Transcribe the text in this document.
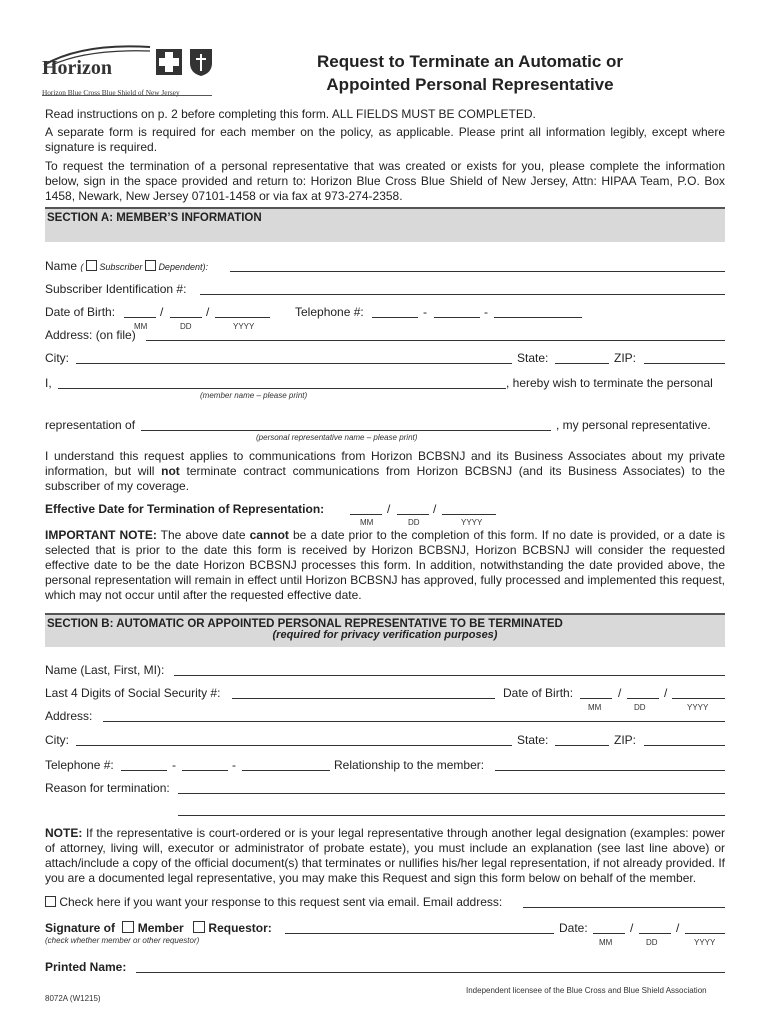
Horizon
Horizon Blue Cross Blue Shield of New Jersey
Request to Terminate an Automatic or
Appointed Personal Representative
Read instructions on p. 2 before completing this form. ALL FIELDS MUST BE COMPLETED.
A separate form is required for each member on the policy, as applicable. Please print all information legibly, except where signature is required.
To request the termination of a personal representative that was created or exists for you, please complete the information below, sign in the space provided and return to: Horizon Blue Cross Blue Shield of New Jersey, Attn: HIPAA Team, P.O. Box 1458, Newark, New Jersey 07101-1458 or via fax at 973-274-2358.
SECTION A: MEMBER’S INFORMATION
Name (  Subscriber Dependent):
Subscriber Identification #:
Date of Birth:	/	/
MM	DD	YYYY
Telephone #:	-	-
Address: (on file)
City:	State:	ZIP:
I,	, hereby wish to terminate the personal
(member name – please print)
representation of	, my personal representative.
(personal representative name – please print)
I understand this request applies to communications from Horizon BCBSNJ and its Business Associates about my private information, but will not terminate contract communications from Horizon BCBSNJ (and its Business Associates) to the subscriber of my coverage.
Effective Date for Termination of Representation:	/	/
MM	DD	YYYY
IMPORTANT NOTE: The above date cannot be a date prior to the completion of this form. If no date is provided, or a date is selected that is prior to the date this form is received by Horizon BCBSNJ, Horizon BCBSNJ will consider the requested effective date to be the date Horizon BCBSNJ processes this form. In addition, notwithstanding the date provided above, the personal representation will remain in effect until Horizon BCBSNJ has approved, fully processed and implemented this request, which may not occur until after the requested effective date.
SECTION B: AUTOMATIC OR APPOINTED PERSONAL REPRESENTATIVE TO BE TERMINATED
(required for privacy verification purposes)
Name (Last, First, MI):
Last 4 Digits of Social Security #:	Date of Birth:	/	/
MM	DD	YYYY
Address:
City:	State:	ZIP:
Telephone #:	-	-	Relationship to the member:
Reason for termination:
NOTE: If the representative is court-ordered or is your legal representative through another legal designation (examples: power of attorney, living will, executor or administrator of probate estate), you must include an explanation (see last line above) or attach/include a copy of the official document(s) that terminates or nullifies his/her legal representation, if not already provided. If you are a documented legal representative, you may make this Request and sign this form below on behalf of the member.
Check here if you want your response to this request sent via email. Email address:
Signature of Member Requestor:	Date:	/	/
(check whether member or other requestor)	MM	DD	YYYY
Printed Name:
8072A (W1215)
Independent licensee of the Blue Cross and Blue Shield Association
